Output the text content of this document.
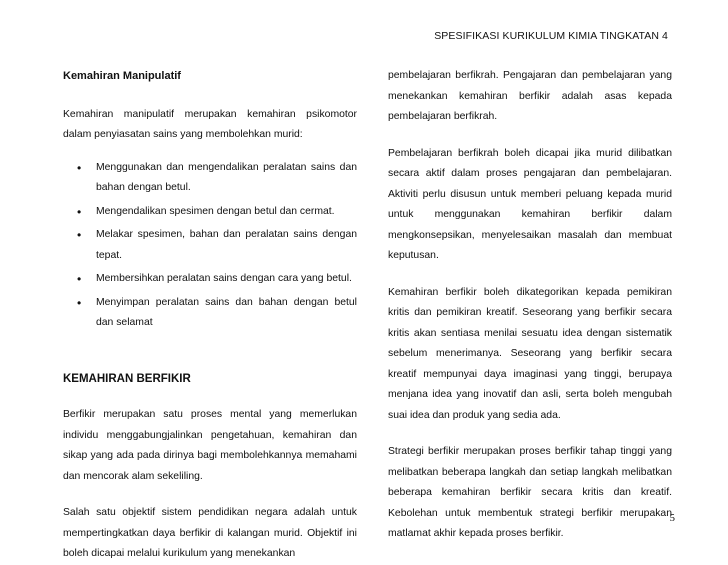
SPESIFIKASI KURIKULUM KIMIA TINGKATAN 4
Kemahiran Manipulatif

Kemahiran manipulatif merupakan kemahiran psikomotor dalam penyiasatan sains yang membolehkan murid:

• Menggunakan dan mengendalikan peralatan sains dan bahan dengan betul.
• Mengendalikan spesimen dengan betul dan cermat.
• Melakar spesimen, bahan dan peralatan sains dengan tepat.
• Membersihkan peralatan sains dengan cara yang betul.
• Menyimpan peralatan sains dan bahan dengan betul dan selamat
KEMAHIRAN BERFIKIR

Berfikir merupakan satu proses mental yang memerlukan individu menggabungjalinkan pengetahuan, kemahiran dan sikap yang ada pada dirinya bagi membolehkannya memahami dan mencorak alam sekeliling.

Salah satu objektif sistem pendidikan negara adalah untuk mempertingkatkan daya berfikir di kalangan murid. Objektif ini boleh dicapai melalui kurikulum yang menekankan

pembelajaran berfikrah. Pengajaran dan pembelajaran yang menekankan kemahiran berfikir adalah asas kepada pembelajaran berfikrah.

Pembelajaran berfikrah boleh dicapai jika murid dilibatkan secara aktif dalam proses pengajaran dan pembelajaran. Aktiviti perlu disusun untuk memberi peluang kepada murid untuk menggunakan kemahiran berfikir dalam mengkonsepsikan, menyelesaikan masalah dan membuat keputusan.

Kemahiran berfikir boleh dikategorikan kepada pemikiran kritis dan pemikiran kreatif. Seseorang yang berfikir secara kritis akan sentiasa menilai sesuatu idea dengan sistematik sebelum menerimanya. Seseorang yang berfikir secara kreatif mempunyai daya imaginasi yang tinggi, berupaya menjana idea yang inovatif dan asli, serta boleh mengubah suai idea dan produk yang sedia ada.

Strategi berfikir merupakan proses berfikir tahap tinggi yang melibatkan beberapa langkah dan setiap langkah melibatkan beberapa kemahiran berfikir secara kritis dan kreatif. Kebolehan untuk membentuk strategi berfikir merupakan matlamat akhir kepada proses berfikir.

5
